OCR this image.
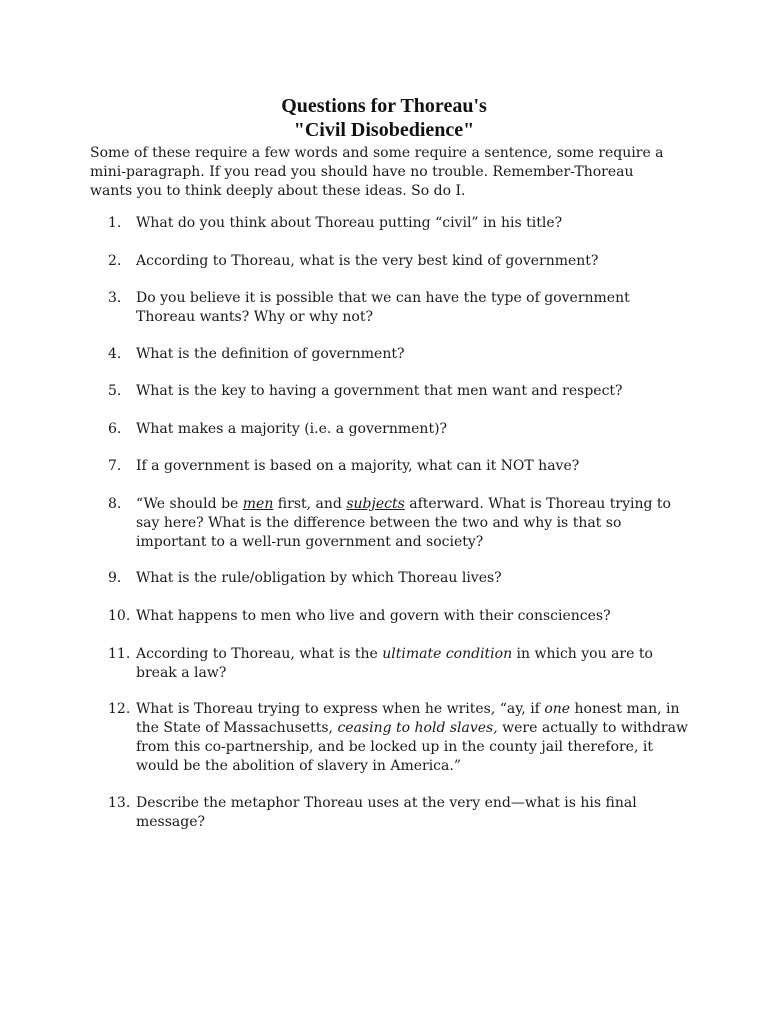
Questions for Thoreau's
"Civil Disobedience"
Some of these require a few words and some require a sentence, some require a mini-paragraph. If you read you should have no trouble. Remember-Thoreau wants you to think deeply about these ideas. So do I.
1.	What do you think about Thoreau putting “civil” in his title?
2.	According to Thoreau, what is the very best kind of government?
3.	Do you believe it is possible that we can have the type of government Thoreau wants? Why or why not?
4.	What is the definition of government?
5.	What is the key to having a government that men want and respect?
6.	What makes a majority (i.e. a government)?
7.	If a government is based on a majority, what can it NOT have?
8.	“We should be men first, and subjects afterward. What is Thoreau trying to say here? What is the difference between the two and why is that so important to a well-run government and society?
9.	What is the rule/obligation by which Thoreau lives?
10. What happens to men who live and govern with their consciences?
11. According to Thoreau, what is the ultimate condition in which you are to break a law?
12. What is Thoreau trying to express when he writes, “ay, if one honest man, in the State of Massachusetts, ceasing to hold slaves, were actually to withdraw from this co-partnership, and be locked up in the county jail therefore, it would be the abolition of slavery in America.”
13. Describe the metaphor Thoreau uses at the very end—what is his final message?
